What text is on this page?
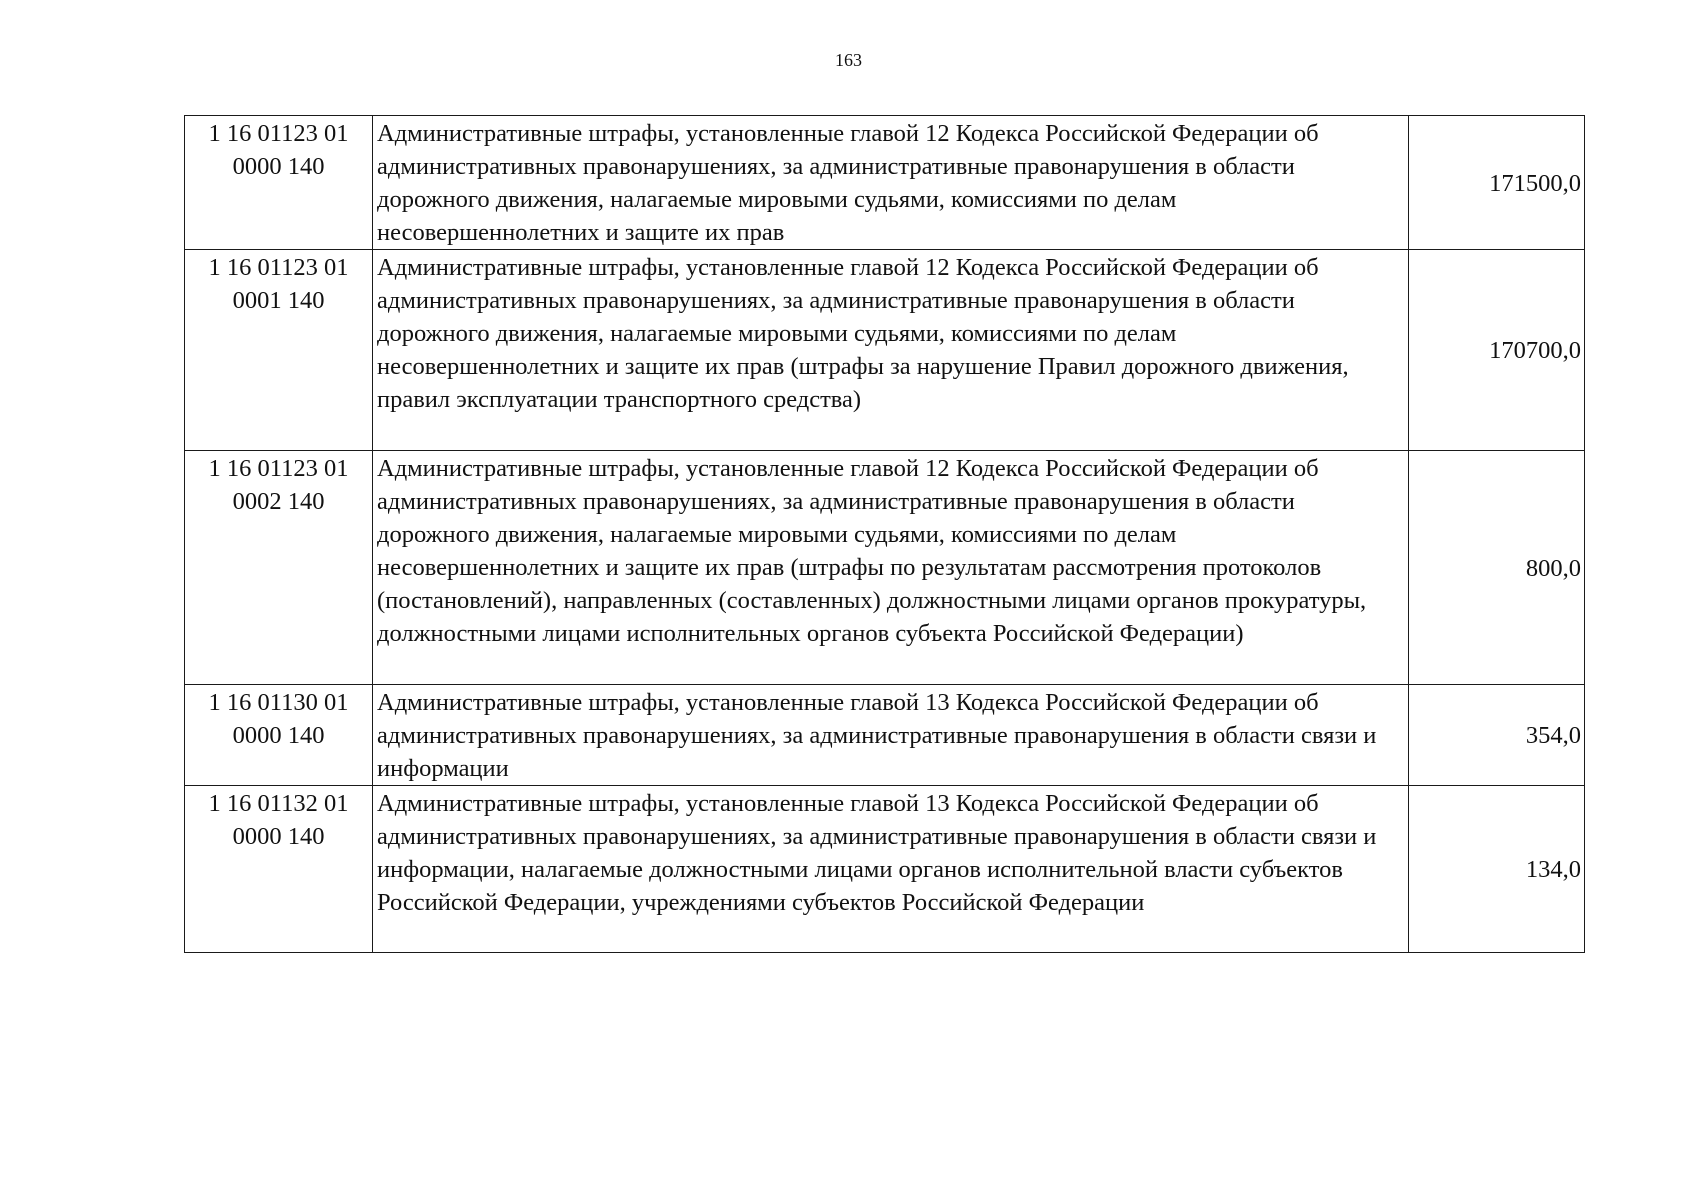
163
1 16 01123 01 0000 140	Административные штрафы, установленные главой 12 Кодекса Российской Федерации об административных правонарушениях, за административные правонарушения в области дорожного движения, налагаемые мировыми судьями, комиссиями по делам несовершеннолетних и защите их прав	171500,0
1 16 01123 01 0001 140	Административные штрафы, установленные главой 12 Кодекса Российской Федерации об административных правонарушениях, за административные правонарушения в области дорожного движения, налагаемые мировыми судьями, комиссиями по делам несовершеннолетних и защите их прав (штрафы за нарушение Правил дорожного движения, правил эксплуатации транспортного средства)	170700,0
1 16 01123 01 0002 140	Административные штрафы, установленные главой 12 Кодекса Российской Федерации об административных правонарушениях, за административные правонарушения в области дорожного движения, налагаемые мировыми судьями, комиссиями по делам несовершеннолетних и защите их прав (штрафы по результатам рассмотрения протоколов (постановлений), направленных (составленных) должностными лицами органов прокуратуры, должностными лицами исполнительных органов субъекта Российской Федерации)	800,0
1 16 01130 01 0000 140	Административные штрафы, установленные главой 13 Кодекса Российской Федерации об административных правонарушениях, за административные правонарушения в области связи и информации	354,0
1 16 01132 01 0000 140	Административные штрафы, установленные главой 13 Кодекса Российской Федерации об административных правонарушениях, за административные правонарушения в области связи и информации, налагаемые должностными лицами органов исполнительной власти субъектов Российской Федерации, учреждениями субъектов Российской Федерации	134,0
